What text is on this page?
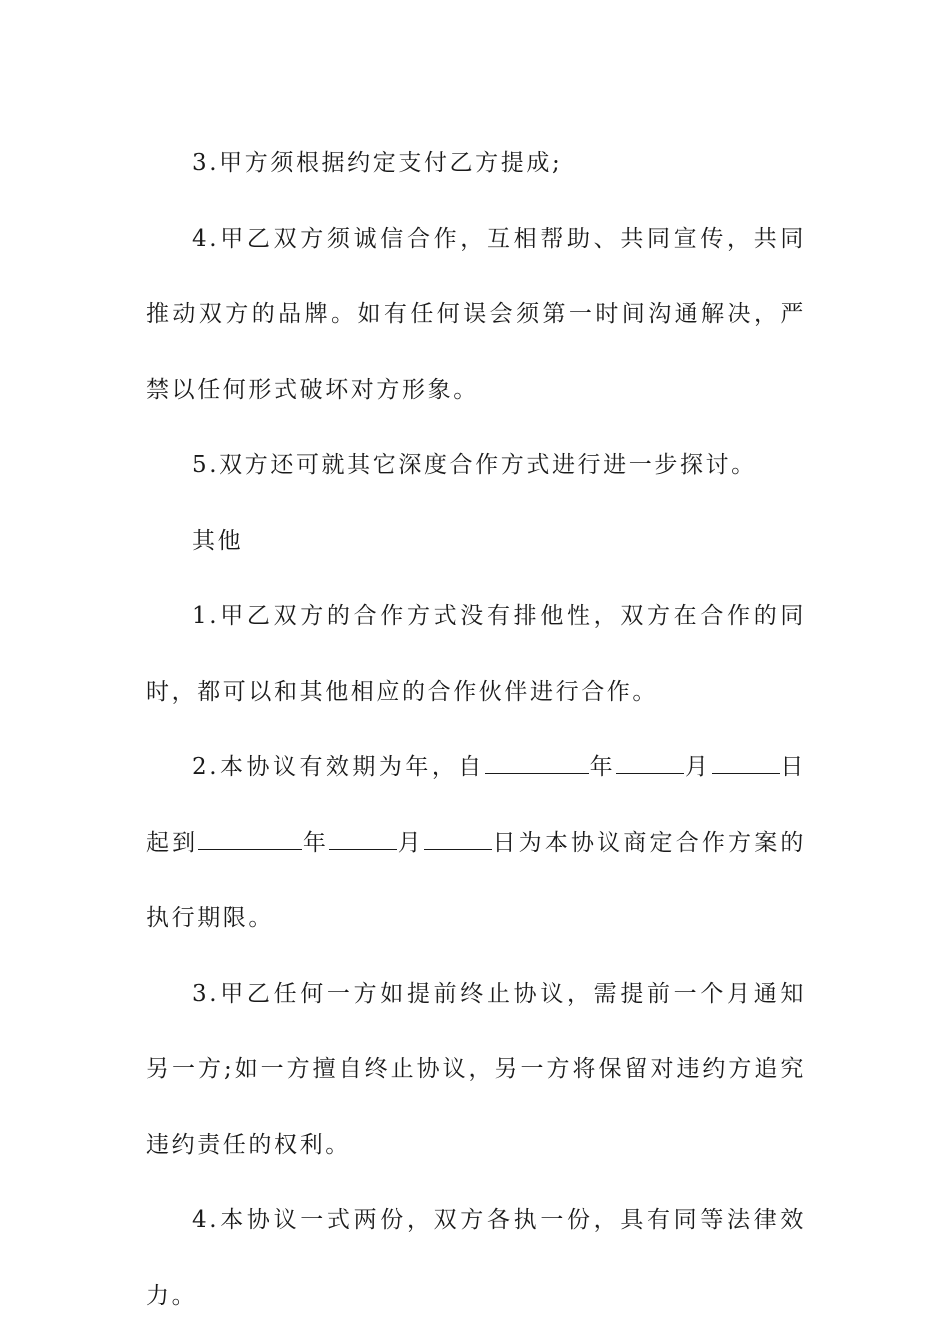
3.甲方须根据约定支付乙方提成;

4.甲乙双方须诚信合作，互相帮助、共同宣传，共同推动双方的品牌。如有任何误会须第一时间沟通解决，严禁以任何形式破坏对方形象。

5.双方还可就其它深度合作方式进行进一步探讨。

其他

1.甲乙双方的合作方式没有排他性，双方在合作的同时，都可以和其他相应的合作伙伴进行合作。

2.本协议有效期为年，自	年	月	日起到	年	月	日为本协议商定合作方案的执行期限。

3.甲乙任何一方如提前终止协议，需提前一个月通知另一方;如一方擅自终止协议，另一方将保留对违约方追究违约责任的权利。

4.本协议一式两份，双方各执一份，具有同等法律效力。
